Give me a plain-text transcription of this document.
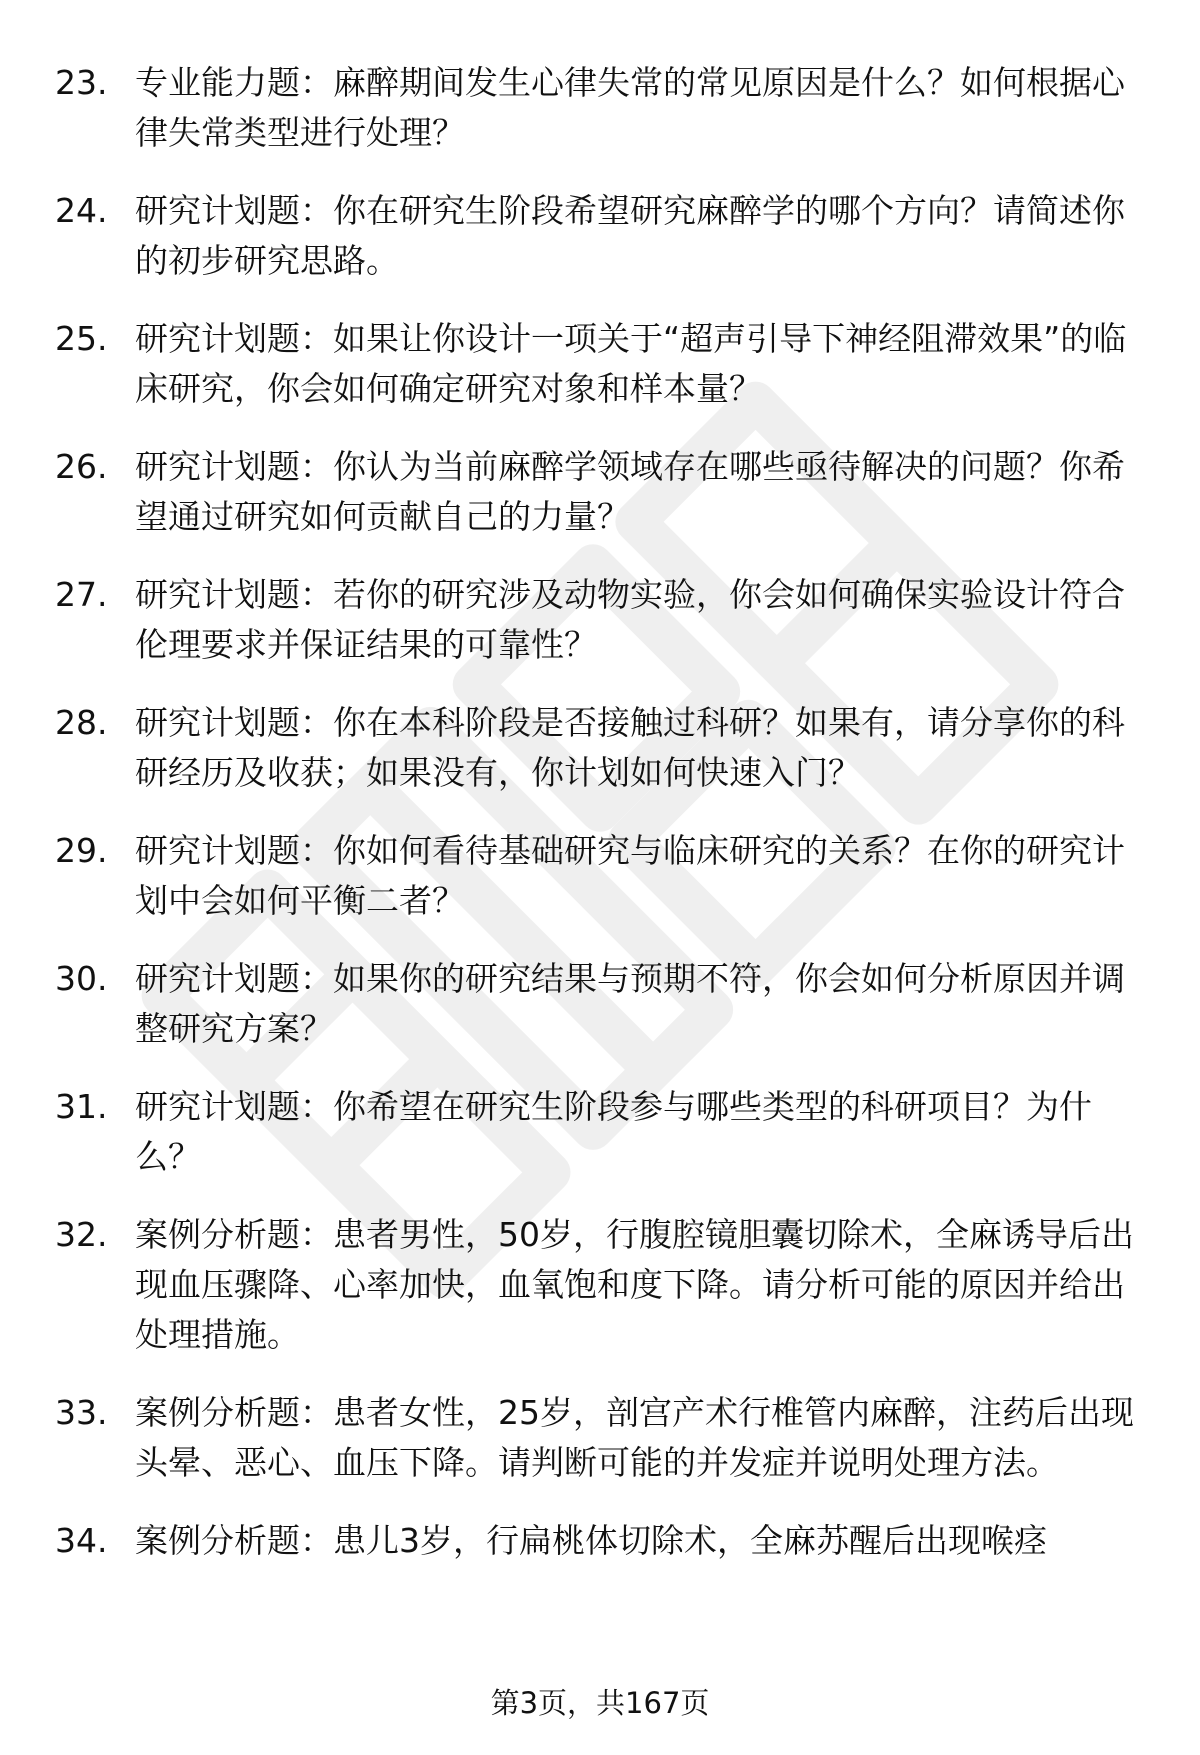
23. 专业能力题：麻醉期间发生心律失常的常见原因是什么？如何根据心律失常类型进行处理？
24. 研究计划题：你在研究生阶段希望研究麻醉学的哪个方向？请简述你的初步研究思路。
25. 研究计划题：如果让你设计一项关于“超声引导下神经阻滞效果”的临床研究，你会如何确定研究对象和样本量？
26. 研究计划题：你认为当前麻醉学领域存在哪些亟待解决的问题？你希望通过研究如何贡献自己的力量？
27. 研究计划题：若你的研究涉及动物实验，你会如何确保实验设计符合伦理要求并保证结果的可靠性？
28. 研究计划题：你在本科阶段是否接触过科研？如果有，请分享你的科研经历及收获；如果没有，你计划如何快速入门？
29. 研究计划题：你如何看待基础研究与临床研究的关系？在你的研究计划中会如何平衡二者？
30. 研究计划题：如果你的研究结果与预期不符，你会如何分析原因并调整研究方案？
31. 研究计划题：你希望在研究生阶段参与哪些类型的科研项目？为什么？
32. 案例分析题：患者男性，50岁，行腹腔镜胆囊切除术，全麻诱导后出现血压骤降、心率加快，血氧饱和度下降。请分析可能的原因并给出处理措施。
33. 案例分析题：患者女性，25岁，剖宫产术行椎管内麻醉，注药后出现头晕、恶心、血压下降。请判断可能的并发症并说明处理方法。
34. 案例分析题：患儿3岁，行扁桃体切除术，全麻苏醒后出现喉痉
第3页，共167页
